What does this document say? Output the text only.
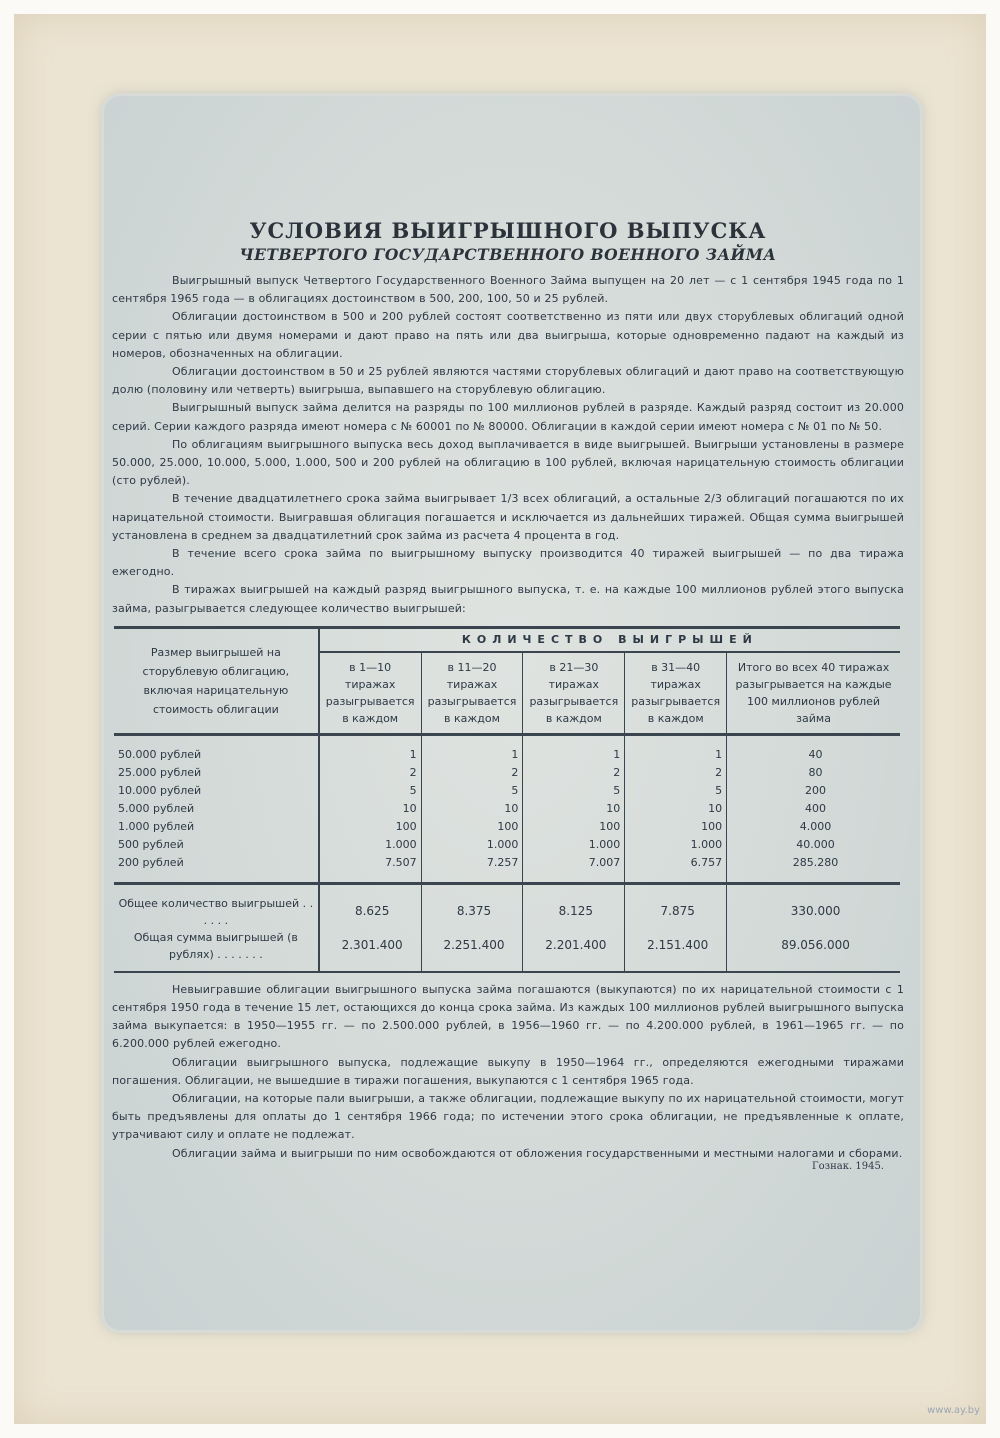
УСЛОВИЯ ВЫИГРЫШНОГО ВЫПУСКА
ЧЕТВЕРТОГО ГОСУДАРСТВЕННОГО ВОЕННОГО ЗАЙМА

Выигрышный выпуск Четвертого Государственного Военного Займа выпущен на 20 лет — с 1 сентября 1945 года по 1 сентября 1965 года — в облигациях достоинством в 500, 200, 100, 50 и 25 рублей.

Облигации достоинством в 500 и 200 рублей состоят соответственно из пяти или двух сторублевых облигаций одной серии с пятью или двумя номерами и дают право на пять или два выигрыша, которые одновременно падают на каждый из номеров, обозначенных на облигации.

Облигации достоинством в 50 и 25 рублей являются частями сторублевых облигаций и дают право на соответствующую долю (половину или четверть) выигрыша, выпавшего на сторублевую облигацию.

Выигрышный выпуск займа делится на разряды по 100 миллионов рублей в разряде. Каждый разряд состоит из 20.000 серий. Серии каждого разряда имеют номера с № 60001 по № 80000. Облигации в каждой серии имеют номера с № 01 по № 50.

По облигациям выигрышного выпуска весь доход выплачивается в виде выигрышей. Выигрыши установлены в размере 50.000, 25.000, 10.000, 5.000, 1.000, 500 и 200 рублей на облигацию в 100 рублей, включая нарицательную стоимость облигации (сто рублей).

В течение двадцатилетнего срока займа выигрывает 1/3 всех облигаций, а остальные 2/3 облигаций погашаются по их нарицательной стоимости. Выигравшая облигация погашается и исключается из дальнейших тиражей. Общая сумма выигрышей установлена в среднем за двадцатилетний срок займа из расчета 4 процента в год.

В течение всего срока займа по выигрышному выпуску производится 40 тиражей выигрышей — по два тиража ежегодно.

В тиражах выигрышей на каждый разряд выигрышного выпуска, т. е. на каждые 100 миллионов рублей этого выпуска займа, разыгрывается следующее количество выигрышей:

Размер выигрышей на сторублевую облигацию, включая нарицательную стоимость облигации	КОЛИЧЕСТВО ВЫИГРЫШЕЙ				
	в 1—10 тиражах разыгрывается в каждом	в 11—20 тиражах разыгрывается в каждом	в 21—30 тиражах разыгрывается в каждом	в 31—40 тиражах разыгрывается в каждом	Итого во всех 40 тиражах разыгрывается на каждые 100 миллионов рублей займа
50.000 рублей	1	1	1	1	40
25.000 рублей	2	2	2	2	80
10.000 рублей	5	5	5	5	200
5.000 рублей	10	10	10	10	400
1.000 рублей	100	100	100	100	4.000
500 рублей	1.000	1.000	1.000	1.000	40.000
200 рублей	7.507	7.257	7.007	6.757	285.280
Общее количество выигрышей . . . . . .	8.625	8.375	8.125	7.875	330.000
Общая сумма выигрышей (в рублях) . . . . . . .	2.301.400	2.251.400	2.201.400	2.151.400	89.056.000

Невыигравшие облигации выигрышного выпуска займа погашаются (выкупаются) по их нарицательной стоимости с 1 сентября 1950 года в течение 15 лет, остающихся до конца срока займа. Из каждых 100 миллионов рублей выигрышного выпуска займа выкупается: в 1950—1955 гг. — по 2.500.000 рублей, в 1956—1960 гг. — по 4.200.000 рублей, в 1961—1965 гг. — по 6.200.000 рублей ежегодно.

Облигации выигрышного выпуска, подлежащие выкупу в 1950—1964 гг., определяются ежегодными тиражами погашения. Облигации, не вышедшие в тиражи погашения, выкупаются с 1 сентября 1965 года.

Облигации, на которые пали выигрыши, а также облигации, подлежащие выкупу по их нарицательной стоимости, могут быть предъявлены для оплаты до 1 сентября 1966 года; по истечении этого срока облигации, не предъявленные к оплате, утрачивают силу и оплате не подлежат.

Облигации займа и выигрыши по ним освобождаются от обложения государственными и местными налогами и сборами.

Гознак. 1945.
www.ay.by
